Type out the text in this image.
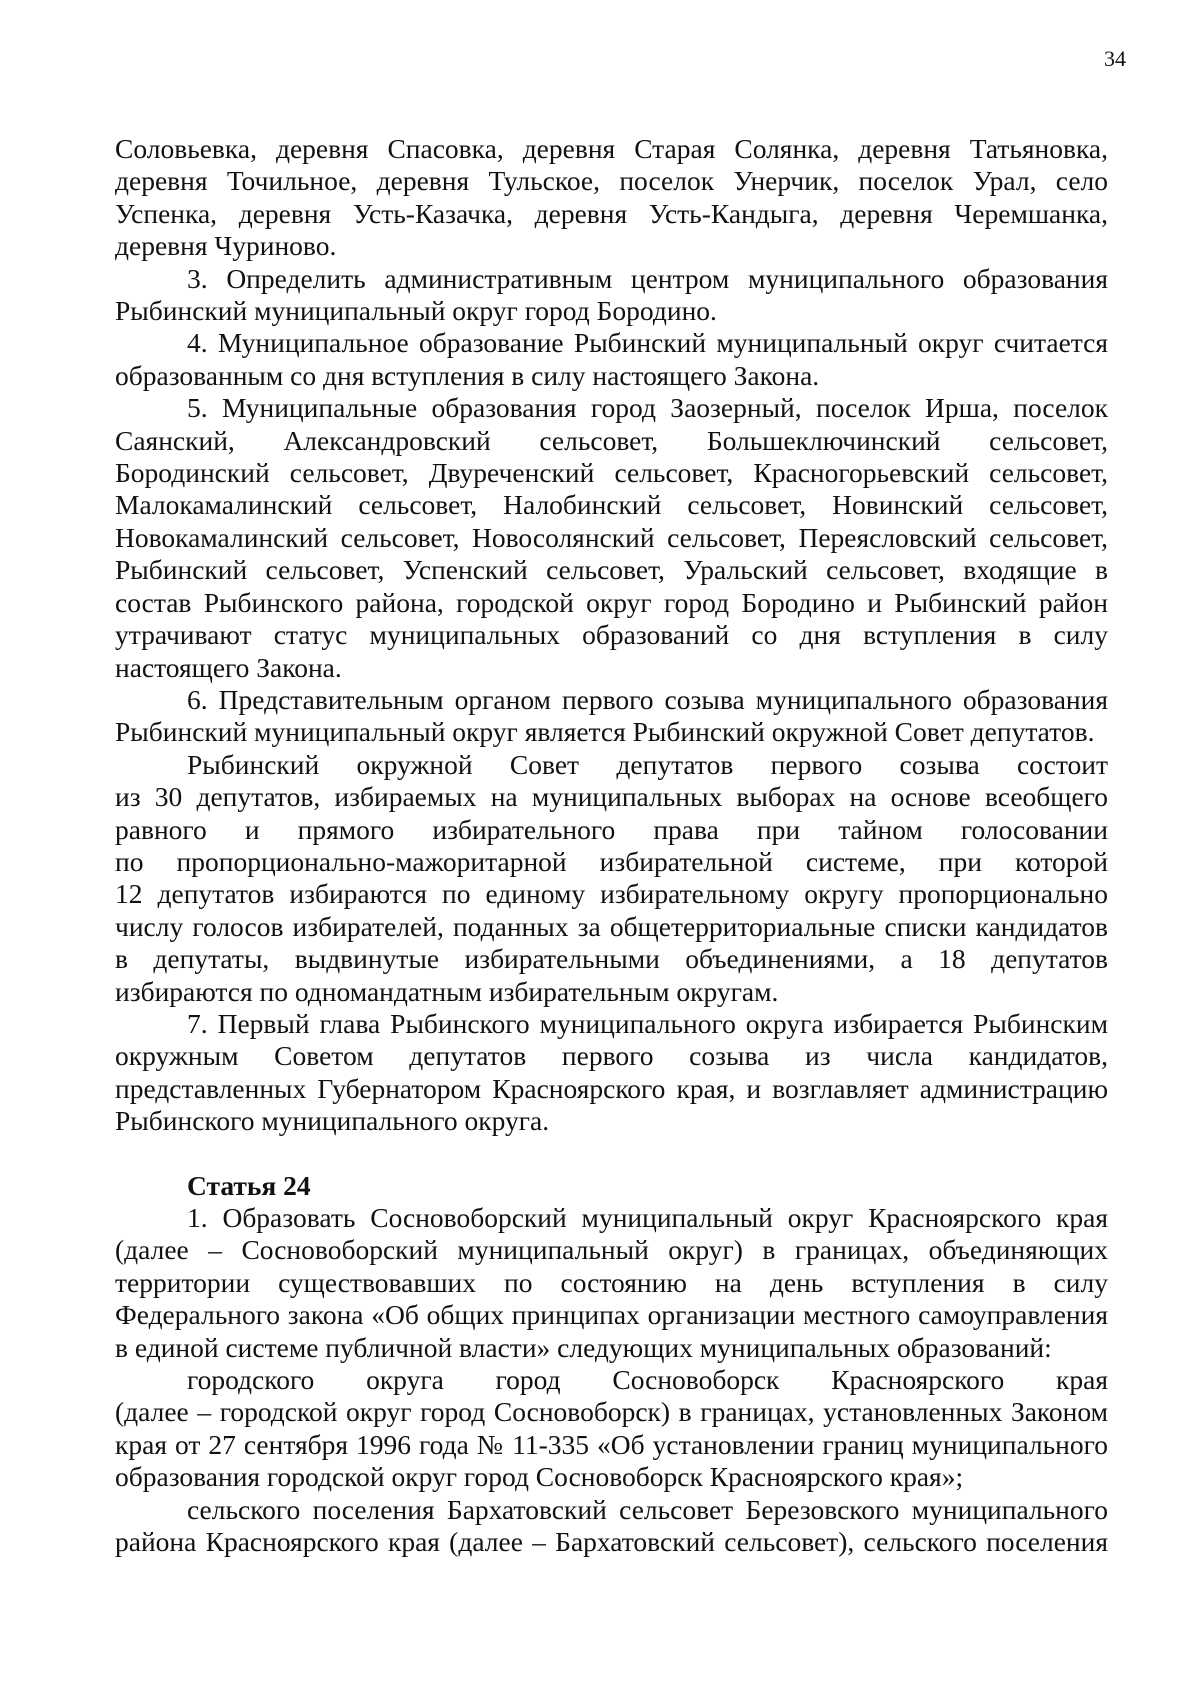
34

Соловьевка, деревня Спасовка, деревня Старая Солянка, деревня Татьяновка,

деревня Точильное, деревня Тульское, поселок Унерчик, поселок Урал, село

Успенка, деревня Усть-Казачка, деревня Усть-Кандыга, деревня Черемшанка,

деревня Чуриново.

3. Определить административным центром муниципального образования

Рыбинский муниципальный округ город Бородино.

4. Муниципальное образование Рыбинский муниципальный округ считается

образованным со дня вступления в силу настоящего Закона.

5. Муниципальные образования город Заозерный, поселок Ирша, поселок

Саянский, Александровский сельсовет, Большеключинский сельсовет,

Бородинский сельсовет, Двуреченский сельсовет, Красногорьевский сельсовет,

Малокамалинский сельсовет, Налобинский сельсовет, Новинский сельсовет,

Новокамалинский сельсовет, Новосолянский сельсовет, Переясловский сельсовет,

Рыбинский сельсовет, Успенский сельсовет, Уральский сельсовет, входящие в

состав Рыбинского района, городской округ город Бородино и Рыбинский район

утрачивают статус муниципальных образований со дня вступления в силу

настоящего Закона.

6. Представительным органом первого созыва муниципального образования

Рыбинский муниципальный округ является Рыбинский окружной Совет депутатов.

Рыбинский окружной Совет депутатов первого созыва состоит

из 30 депутатов, избираемых на муниципальных выборах на основе всеобщего

равного и прямого избирательного права при тайном голосовании

по пропорционально-мажоритарной избирательной системе, при которой

12 депутатов избираются по единому избирательному округу пропорционально

числу голосов избирателей, поданных за общетерриториальные списки кандидатов

в депутаты, выдвинутые избирательными объединениями, а 18 депутатов

избираются по одномандатным избирательным округам.

7. Первый глава Рыбинского муниципального округа избирается Рыбинским

окружным Советом депутатов первого созыва из числа кандидатов,

представленных Губернатором Красноярского края, и возглавляет администрацию

Рыбинского муниципального округа.

Статья 24

1. Образовать Сосновоборский муниципальный округ Красноярского края

(далее – Сосновоборский муниципальный округ) в границах, объединяющих

территории существовавших по состоянию на день вступления в силу

Федерального закона «Об общих принципах организации местного самоуправления

в единой системе публичной власти» следующих муниципальных образований:

городского округа город Сосновоборск Красноярского края

(далее – городской округ город Сосновоборск) в границах, установленных Законом

края от 27 сентября 1996 года № 11-335 «Об установлении границ муниципального

образования городской округ город Сосновоборск Красноярского края»;

сельского поселения Бархатовский сельсовет Березовского муниципального

района Красноярского края (далее – Бархатовский сельсовет), сельского поселения
